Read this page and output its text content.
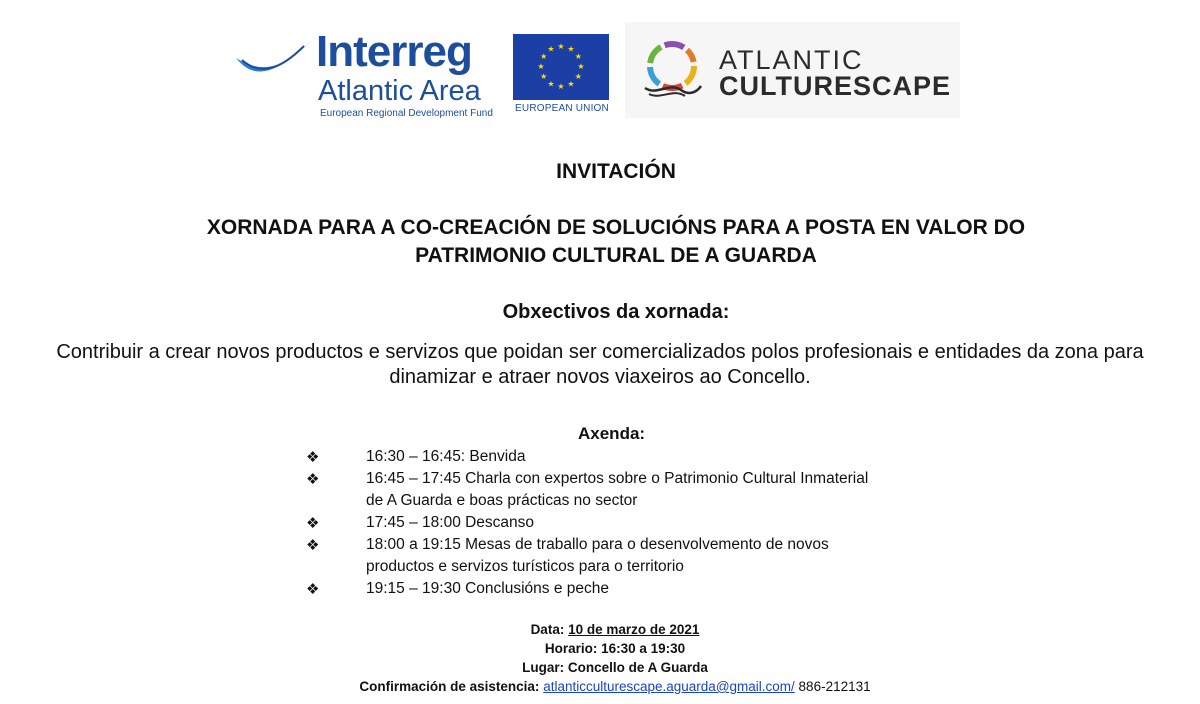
Interreg
Atlantic Area
European Regional Development Fund
★ ★
★
★
★
★
★
★
★
★
★
★
EUROPEAN UNION
ATLANTIC
CULTURESCAPE
INVITACIÓN
XORNADA PARA A CO-CREACIÓN DE SOLUCIÓNS PARA A POSTA EN VALOR DO
PATRIMONIO CULTURAL DE A GUARDA
Obxectivos da xornada:
Contribuir a crear novos productos e servizos que poidan ser comercializados polos profesionais e entidades da zona para
dinamizar e atraer novos viaxeiros ao Concello.
Axenda:
❖	16:30 – 16:45: Benvida
❖	16:45 – 17:45 Charla con expertos sobre o Patrimonio Cultural Inmaterial
de A Guarda e boas prácticas no sector
❖	17:45 – 18:00 Descanso
❖	18:00 a 19:15 Mesas de traballo para o desenvolvemento de novos
productos e servizos turísticos para o territorio
❖	19:15 – 19:30 Conclusións e peche
Data: 10 de marzo de 2021
Horario: 16:30 a 19:30
Lugar: Concello de A Guarda
Confirmación de asistencia: atlanticculturescape.aguarda@gmail.com/ 886-212131
